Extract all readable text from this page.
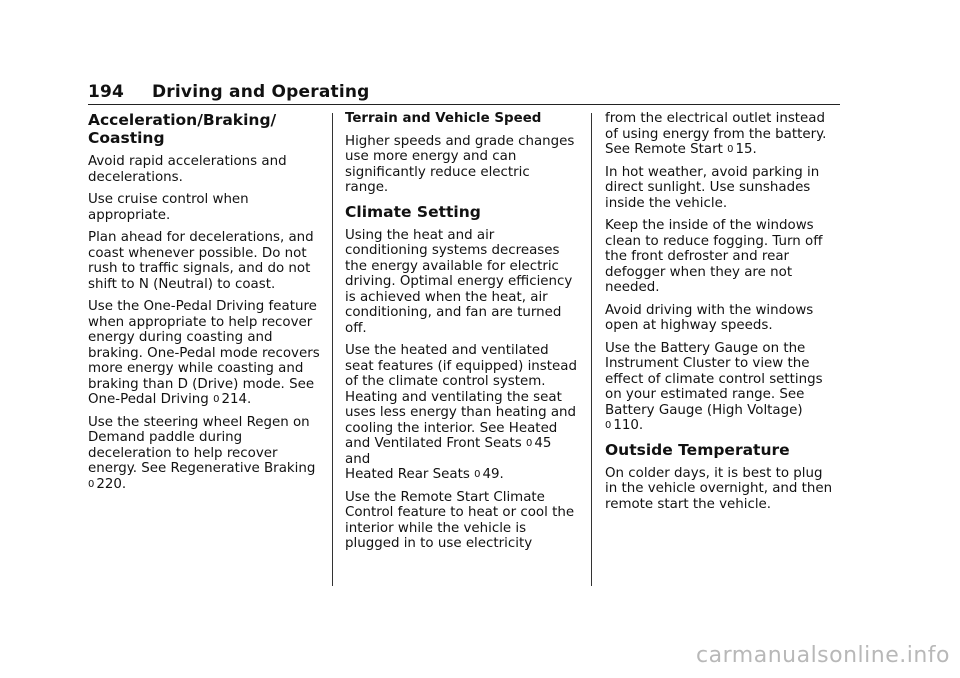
194 Driving and Operating
Acceleration/Braking/
Coasting

Avoid rapid accelerations and decelerations.

Use cruise control when appropriate.

Plan ahead for decelerations, and coast whenever possible. Do not rush to traffic signals, and do not shift to N (Neutral) to coast.

Use the One-Pedal Driving feature when appropriate to help recover energy during coasting and braking. One-Pedal mode recovers more energy while coasting and braking than D (Drive) mode. See One-Pedal Driving 0 214.

Use the steering wheel Regen on Demand paddle during deceleration to help recover energy. See Regenerative Braking 0 220.

Terrain and Vehicle Speed

Higher speeds and grade changes use more energy and can significantly reduce electric range.

Climate Setting

Using the heat and air conditioning systems decreases the energy available for electric driving. Optimal energy efficiency is achieved when the heat, air conditioning, and fan are turned off.

Use the heated and ventilated seat features (if equipped) instead of the climate control system. Heating and ventilating the seat uses less energy than heating and cooling the interior. See Heated and Ventilated Front Seats 0 45 and
Heated Rear Seats 0 49.

Use the Remote Start Climate Control feature to heat or cool the interior while the vehicle is plugged in to use electricity

from the electrical outlet instead of using energy from the battery. See Remote Start 0 15.

In hot weather, avoid parking in direct sunlight. Use sunshades inside the vehicle.

Keep the inside of the windows clean to reduce fogging. Turn off the front defroster and rear defogger when they are not needed.

Avoid driving with the windows open at highway speeds.

Use the Battery Gauge on the Instrument Cluster to view the effect of climate control settings on your estimated range. See Battery Gauge (High Voltage) 0 110.

Outside Temperature

On colder days, it is best to plug in the vehicle overnight, and then remote start the vehicle.

carmanualsonline.info
